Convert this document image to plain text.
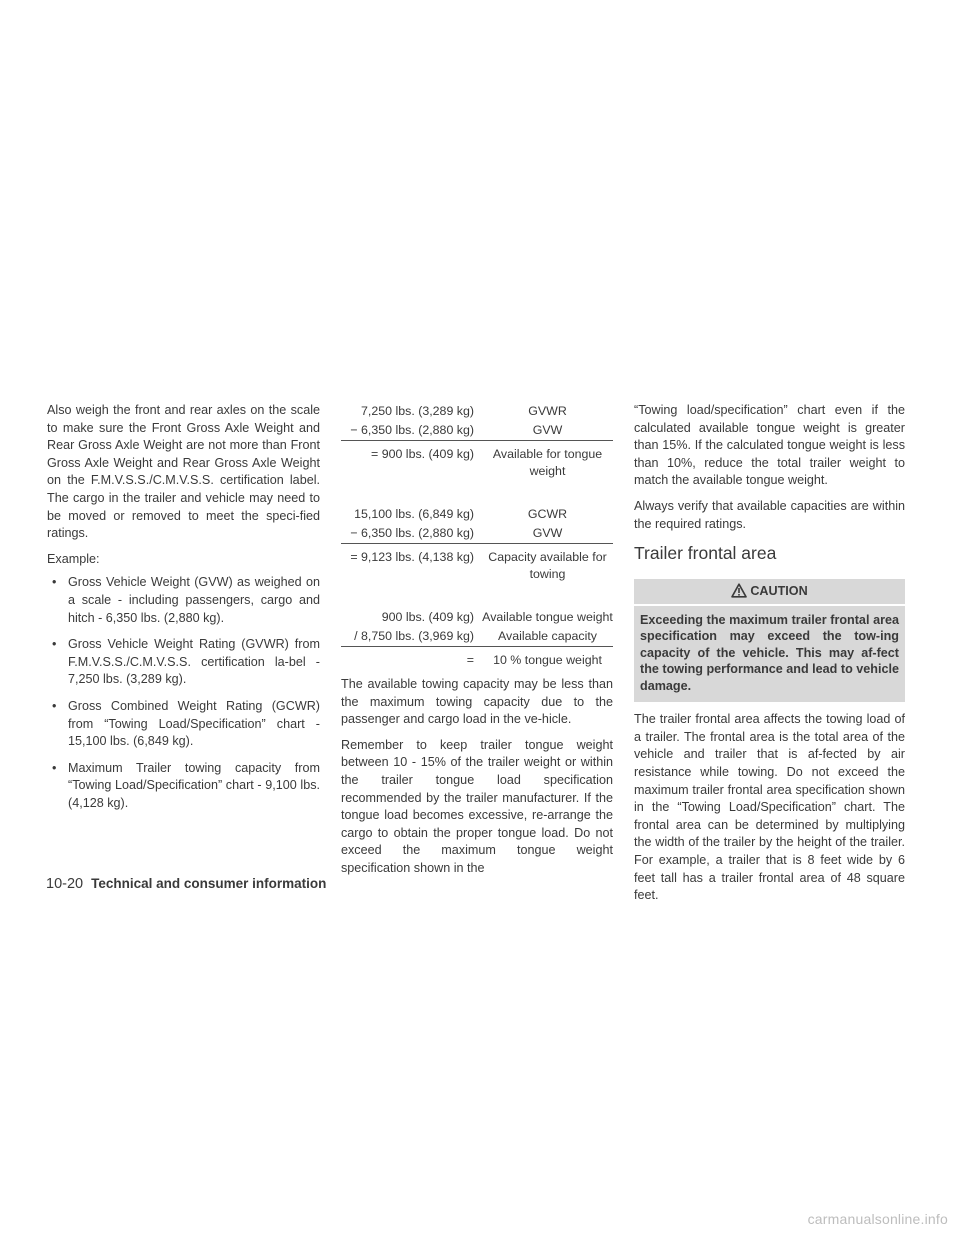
Also weigh the front and rear axles on the scale to make sure the Front Gross Axle Weight and Rear Gross Axle Weight are not more than Front Gross Axle Weight and Rear Gross Axle Weight on the F.M.V.S.S./C.M.V.S.S. certification label. The cargo in the trailer and vehicle may need to be moved or removed to meet the speci-fied ratings.

Example:

• Gross Vehicle Weight (GVW) as weighed on a scale - including passengers, cargo and hitch - 6,350 lbs. (2,880 kg).
• Gross Vehicle Weight Rating (GVWR) from F.M.V.S.S./C.M.V.S.S. certification la-bel - 7,250 lbs. (3,289 kg).
• Gross Combined Weight Rating (GCWR) from “Towing Load/Specification” chart - 15,100 lbs. (6,849 kg).
• Maximum Trailer towing capacity from “Towing Load/Specification” chart - 9,100 lbs. (4,128 kg).
7,250 lbs. (3,289 kg)	GVWR
− 6,350 lbs. (2,880 kg)	GVW
= 900 lbs. (409 kg)	Available for tongue weight

15,100 lbs. (6,849 kg)	GCWR
− 6,350 lbs. (2,880 kg)	GVW
= 9,123 lbs. (4,138 kg)	Capacity available for towing

900 lbs. (409 kg)	Available tongue weight
/ 8,750 lbs. (3,969 kg)	Available capacity
=	10 % tongue weight

The available towing capacity may be less than the maximum towing capacity due to the passenger and cargo load in the ve-hicle.

Remember to keep trailer tongue weight between 10 - 15% of the trailer weight or within the trailer tongue load specification recommended by the trailer manufacturer. If the tongue load becomes excessive, re-arrange the cargo to obtain the proper tongue load. Do not exceed the maximum tongue weight specification shown in the

“Towing load/specification” chart even if the calculated available tongue weight is greater than 15%. If the calculated tongue weight is less than 10%, reduce the total trailer weight to match the available tongue weight.

Always verify that available capacities are within the required ratings.

Trailer frontal area
CAUTION
Exceeding the maximum trailer frontal area specification may exceed the tow-ing capacity of the vehicle. This may af-fect the towing performance and lead to vehicle damage.

The trailer frontal area affects the towing load of a trailer. The frontal area is the total area of the vehicle and trailer that is af-fected by air resistance while towing. Do not exceed the maximum trailer frontal area specification shown in the “Towing Load/Specification” chart. The frontal area can be determined by multiplying the width of the trailer by the height of the trailer. For example, a trailer that is 8 feet wide by 6 feet tall has a trailer frontal area of 48 square feet.

10-20 Technical and consumer information
carmanualsonline.info
